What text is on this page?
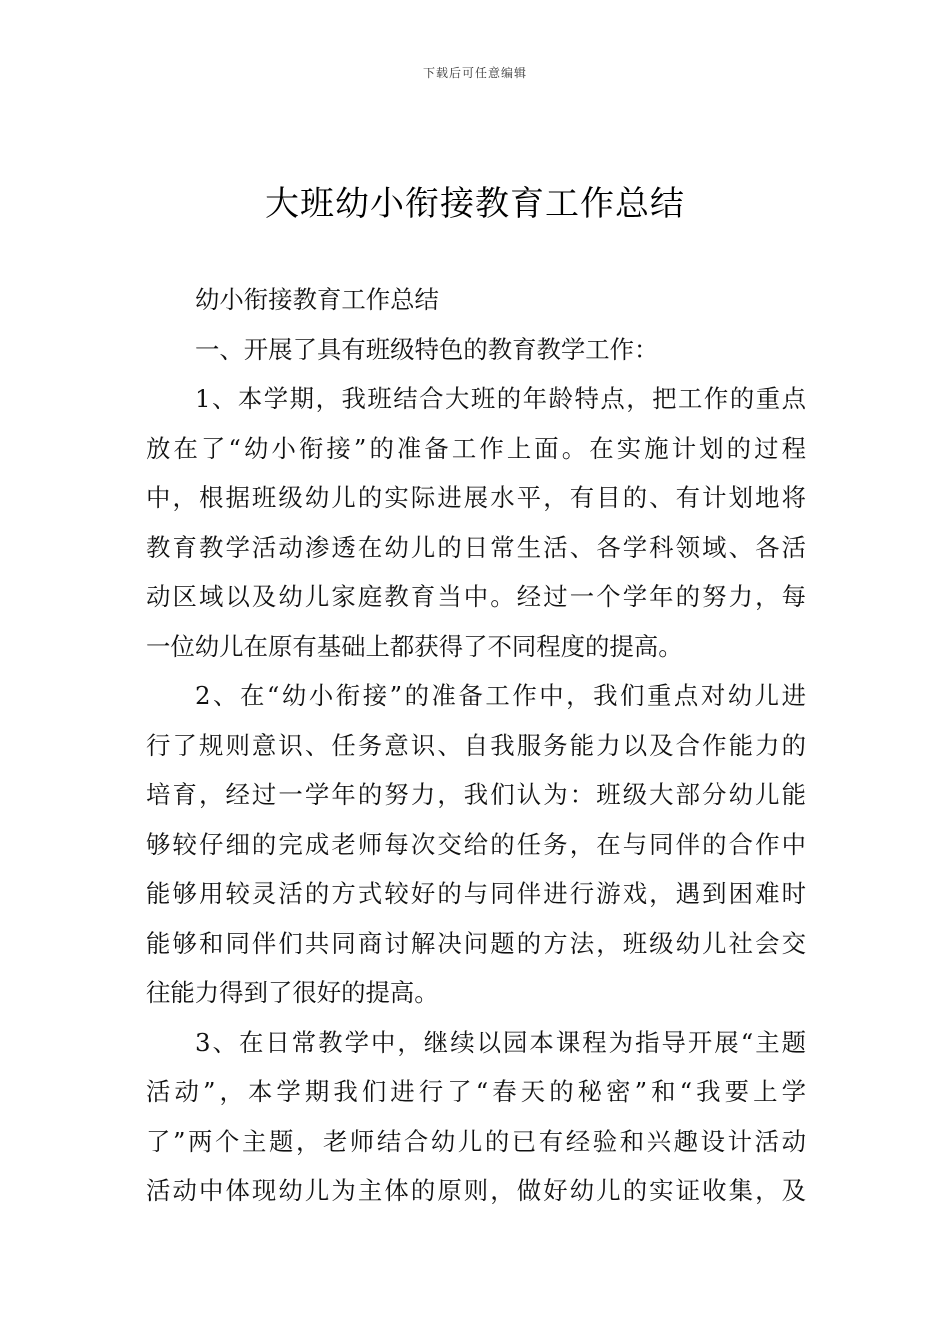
下载后可任意编辑
大班幼小衔接教育工作总结
幼小衔接教育工作总结
一、开展了具有班级特色的教育教学工作：
1、本学期，我班结合大班的年龄特点，把工作的重点
放在了“幼小衔接”的准备工作上面。在实施计划的过程
中，根据班级幼儿的实际进展水平，有目的、有计划地将
教育教学活动渗透在幼儿的日常生活、各学科领域、各活
动区域以及幼儿家庭教育当中。经过一个学年的努力，每
一位幼儿在原有基础上都获得了不同程度的提高。
2、在“幼小衔接”的准备工作中，我们重点对幼儿进
行了规则意识、任务意识、自我服务能力以及合作能力的
培育，经过一学年的努力，我们认为：班级大部分幼儿能
够较仔细的完成老师每次交给的任务，在与同伴的合作中
能够用较灵活的方式较好的与同伴进行游戏，遇到困难时
能够和同伴们共同商讨解决问题的方法，班级幼儿社会交
往能力得到了很好的提高。
3、在日常教学中，继续以园本课程为指导开展“主题
活动”，本学期我们进行了“春天的秘密”和“我要上学
了”两个主题，老师结合幼儿的已有经验和兴趣设计活动
活动中体现幼儿为主体的原则，做好幼儿的实证收集，及
